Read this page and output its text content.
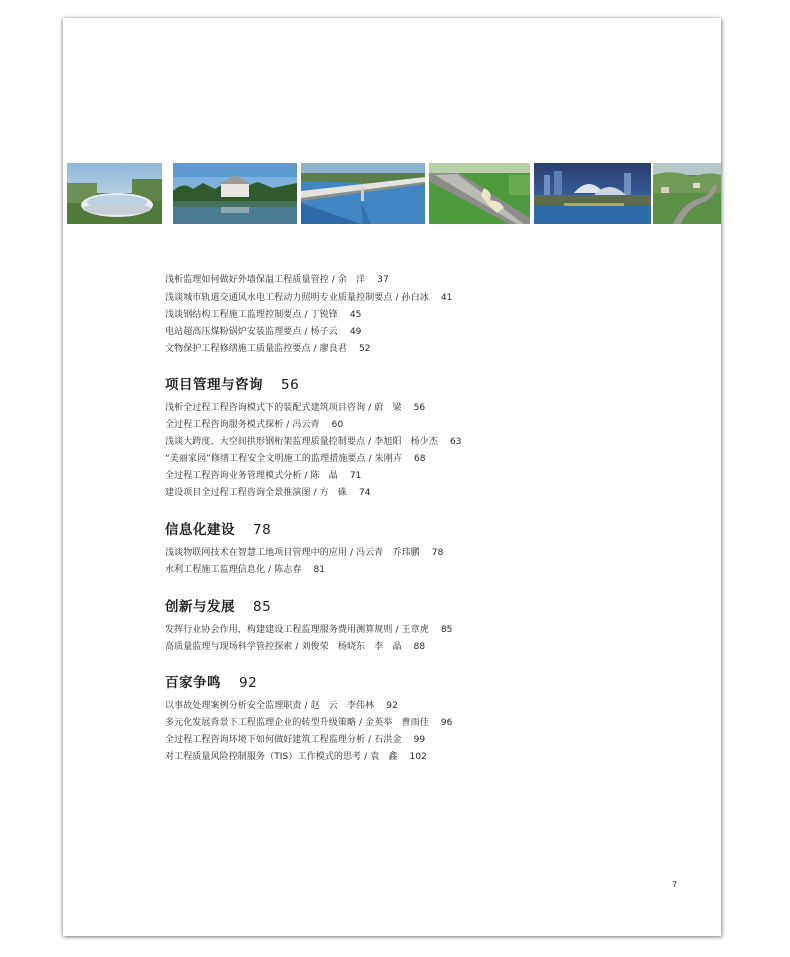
浅析监理如何做好外墙保温工程质量管控 / 余　洋 37
浅谈城市轨道交通风水电工程动力照明专业质量控制要点 / 孙白冰 41
浅谈钢结构工程施工监理控制要点 / 丁锐锋 45
电站超高压煤粉锅炉安装监理要点 / 杨子云 49
文物保护工程修缮施工质量监控要点 / 廖良君 52
项目管理与咨询 56
浅析全过程工程咨询模式下的装配式建筑项目咨询 / 蔚　梁 56
全过程工程咨询服务模式探析 / 冯云青 60
浅谈大跨度、大空间拱形钢桁架监理质量控制要点 / 李旭阳　杨少杰 63
“美丽家园”修缮工程安全文明施工的监理措施要点 / 朱刚卉 68
全过程工程咨询业务管理模式分析 / 陈　晶 71
建设项目全过程工程咨询全景推演图 / 方　硃 74
信息化建设 78
浅谈物联网技术在智慧工地项目管理中的应用 / 冯云青　乔玮鹏 78
水利工程施工监理信息化 / 陈志春 81
创新与发展 85
发挥行业协会作用，构建建设工程监理服务费用测算规则 / 王章虎 85
高质量监理与现场科学管控探索 / 刘俊荣　杨晓东　李　晶 88
百家争鸣 92
以事故处理案例分析安全监理职责 / 赵　云　李伟林 92
多元化发展背景下工程监理企业的转型升级策略 / 金英举　曹雨佳 96
全过程工程咨询环境下如何做好建筑工程监理分析 / 石洪金 99
对工程质量风险控制服务（TIS）工作模式的思考 / 袁　鑫 102
7
